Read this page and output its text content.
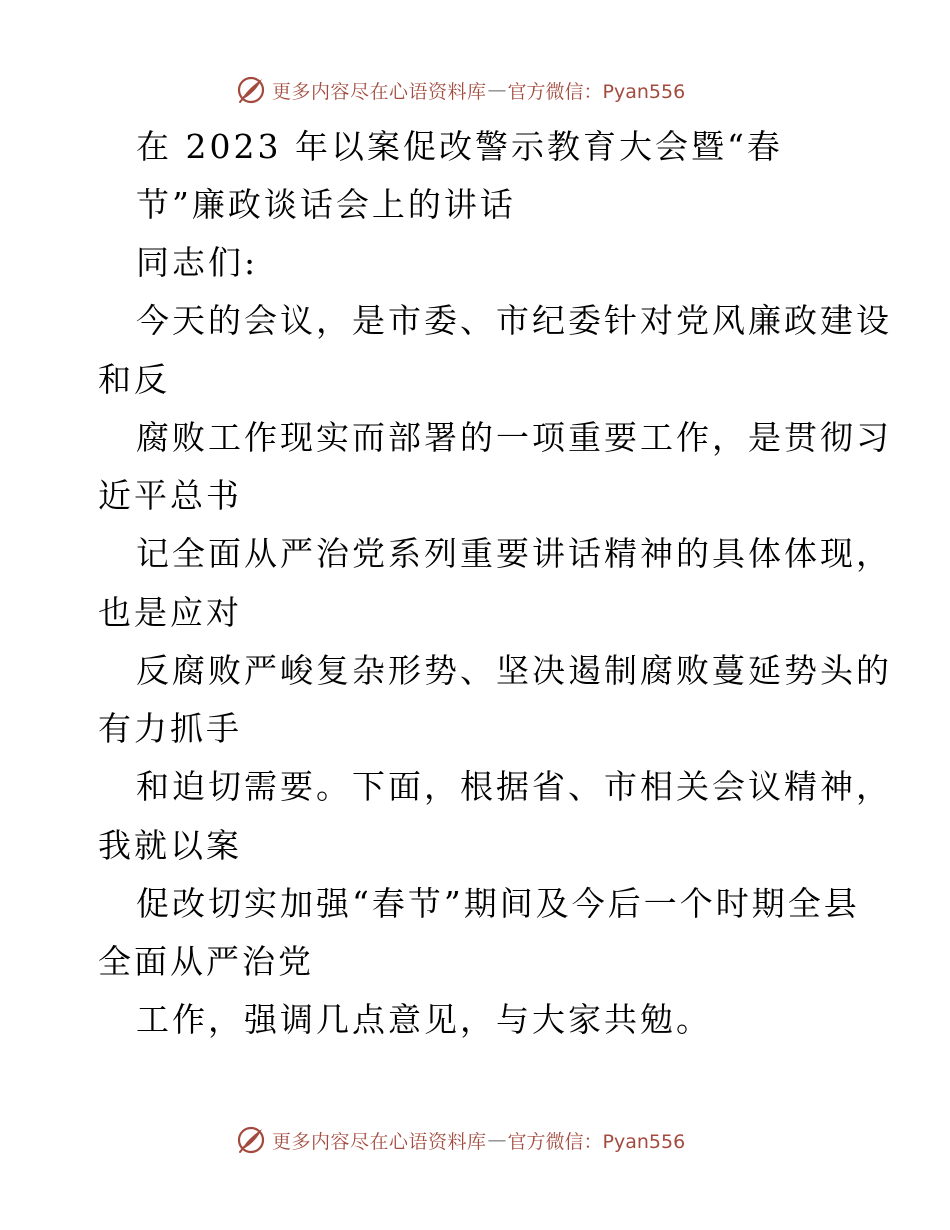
更多内容尽在心语资料库 — 官方微信：Pyan556
在 2023 年以案促改警示教育大会暨“春
节”廉政谈话会上的讲话
同志们:
今天的会议，是市委、市纪委针对党风廉政建设
和反
腐败工作现实而部署的一项重要工作，是贯彻习
近平总书
记全面从严治党系列重要讲话精神的具体体现，
也是应对
反腐败严峻复杂形势、坚决遏制腐败蔓延势头的
有力抓手
和迫切需要。下面，根据省、市相关会议精神，
我就以案
促改切实加强“春节”期间及今后一个时期全县
全面从严治党
工作，强调几点意见，与大家共勉。
更多内容尽在心语资料库 — 官方微信：Pyan556
